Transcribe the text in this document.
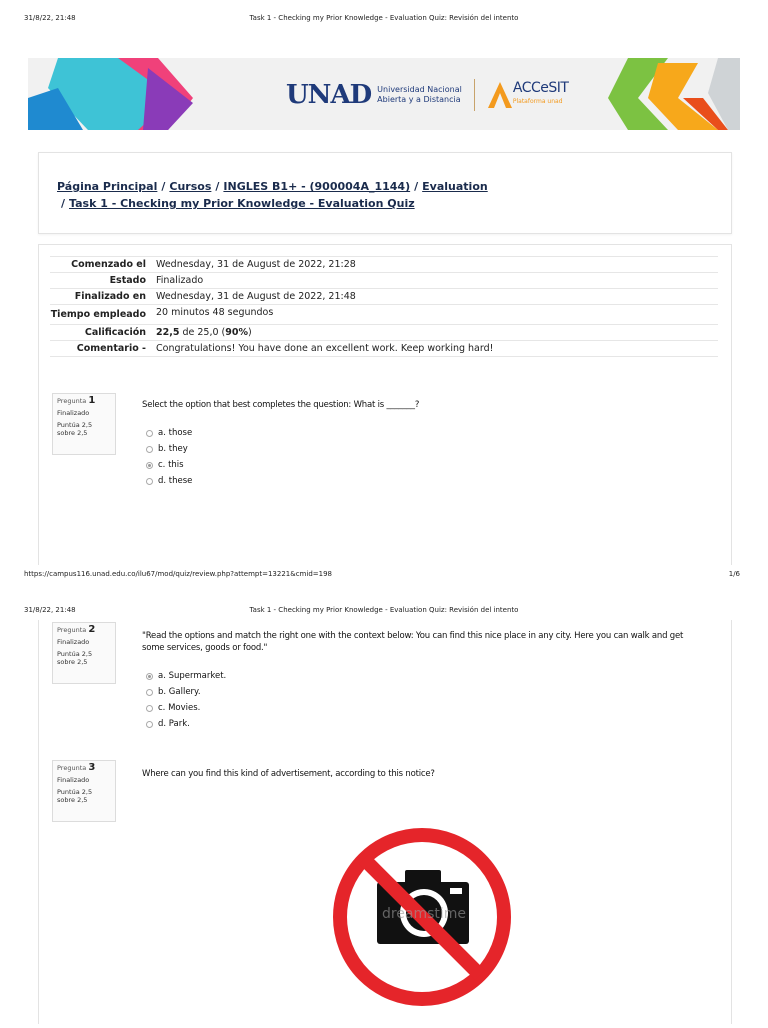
31/8/22, 21:48	Task 1 - Checking my Prior Knowledge - Evaluation Quiz: Revisión del intento
UNAD Universidad Nacional
Abierta y a Distancia
ACCeSIT
Plataforma unad
Página Principal / Cursos / INGLES B1+ - (900004A_1144) / Evaluation
/ Task 1 - Checking my Prior Knowledge - Evaluation Quiz
Comenzado el	Wednesday, 31 de August de 2022, 21:28
Estado	Finalizado
Finalizado en	Wednesday, 31 de August de 2022, 21:48
Tiempo empleado	20 minutos 48 segundos
Calificación	22,5 de 25,0 (90%)
Comentario -	Congratulations! You have done an excellent work. Keep working hard!
Pregunta 1
Finalizado
Puntúa 2,5 sobre 2,5
Select the option that best completes the question: What is _______?
a. those
b. they
c. this
d. these
https://campus116.unad.edu.co/ilu67/mod/quiz/review.php?attempt=13221&cmid=198	1/6
31/8/22, 21:48	Task 1 - Checking my Prior Knowledge - Evaluation Quiz: Revisión del intento
Pregunta 2
Finalizado
Puntúa 2,5 sobre 2,5
"Read the options and match the right one with the context below: You can find this nice place in any city. Here you can walk and get some services, goods or food."
a. Supermarket.
b. Gallery.
c. Movies.
d. Park.
Pregunta 3
Finalizado
Puntúa 2,5 sobre 2,5
Where can you find this kind of advertisement, according to this notice?
dreamstime
